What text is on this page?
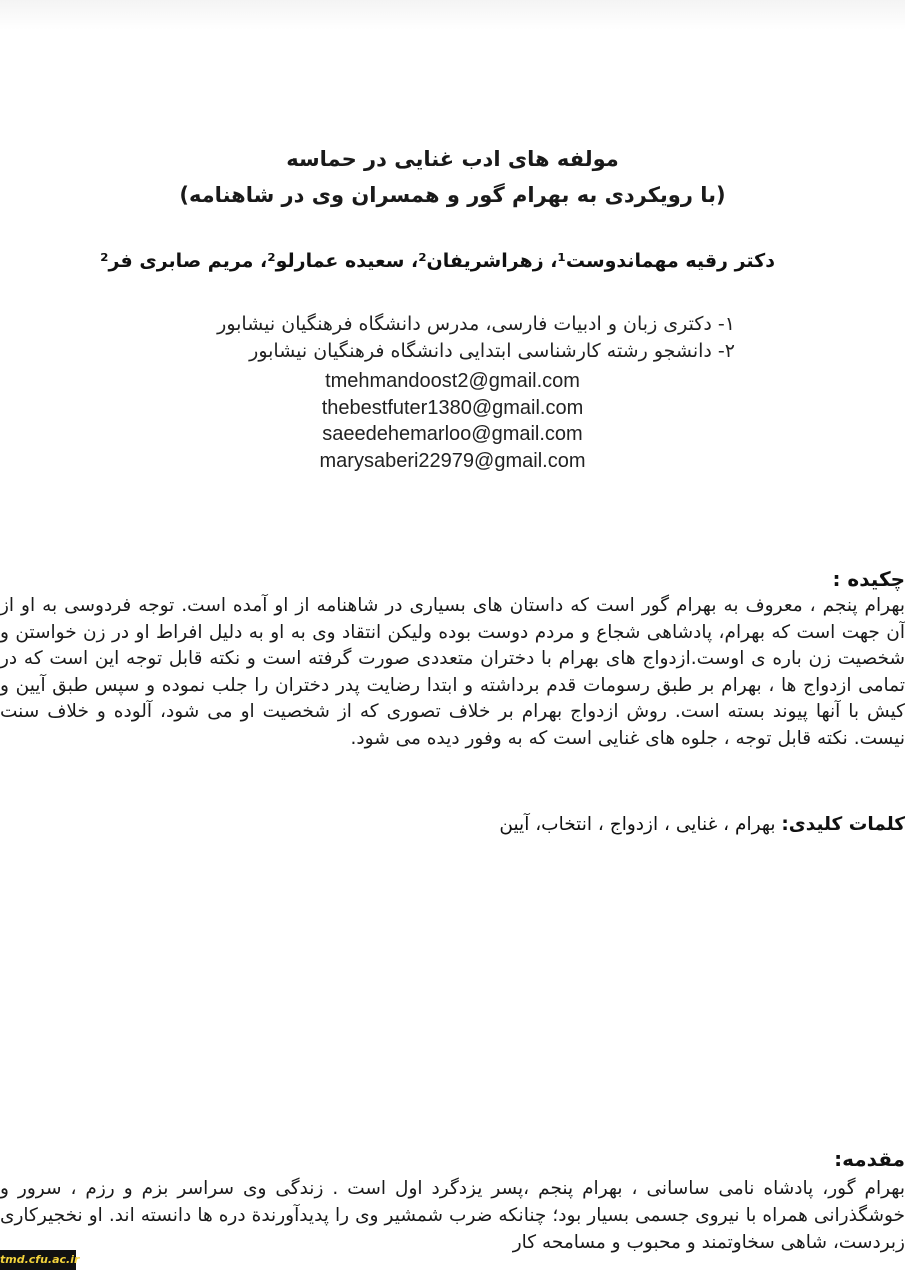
مولفه های ادب غنایی در حماسه
(با رویکردی به بهرام گور و همسران وی در شاهنامه)
دکتر رقیه مهماندوست¹، زهراشریفان²، سعیده عمارلو²، مریم صابری فر²
۱- دکتری زبان و ادبیات فارسی، مدرس دانشگاه فرهنگیان نیشابور
۲- دانشجو رشته کارشناسی ابتدایی دانشگاه فرهنگیان نیشابور
tmehmandoost2@gmail.com
thebestfuter1380@gmail.com
saeedehemarloo@gmail.com
marysaberi22979@gmail.com
چکیده :
بهرام پنجم ، معروف به بهرام گور است که داستان های بسیاری در شاهنامه از او آمده است. توجه فردوسی به او از آن جهت است که بهرام، پادشاهی شجاع و مردم دوست بوده ولیکن انتقاد وی به او به دلیل افراط او در زن خواستن و شخصیت زن باره ی اوست.ازدواج های بهرام با دختران متعددی صورت گرفته است و نکته قابل توجه این است که در تمامی ازدواج ها ، بهرام بر طبق رسومات قدم برداشته و ابتدا رضایت پدر دختران را جلب نموده و سپس طبق آیین و کیش با آنها پیوند بسته است. روش ازدواج بهرام بر خلاف تصوری که از شخصیت او می شود، آلوده و خلاف سنت نیست. نکته قابل توجه ، جلوه های غنایی است که به وفور دیده می شود.
کلمات کلیدی: بهرام ، غنایی ، ازدواج ، انتخاب، آیین
مقدمه:
بهرام گور، پادشاه نامی ساسانی ، بهرام پنجم ،پسر یزدگرد اول است . زندگی وی سراسر بزم و رزم ، سرور و خوشگذرانی همراه با نیروی جسمی بسیار بود؛ چنانکه ضرب شمشیر وی را پدیدآورندة دره ها دانسته اند. او نخجیرکاری زبردست، شاهی سخاوتمند و محبوب و مسامحه کار
tmd.cfu.ac.ir
